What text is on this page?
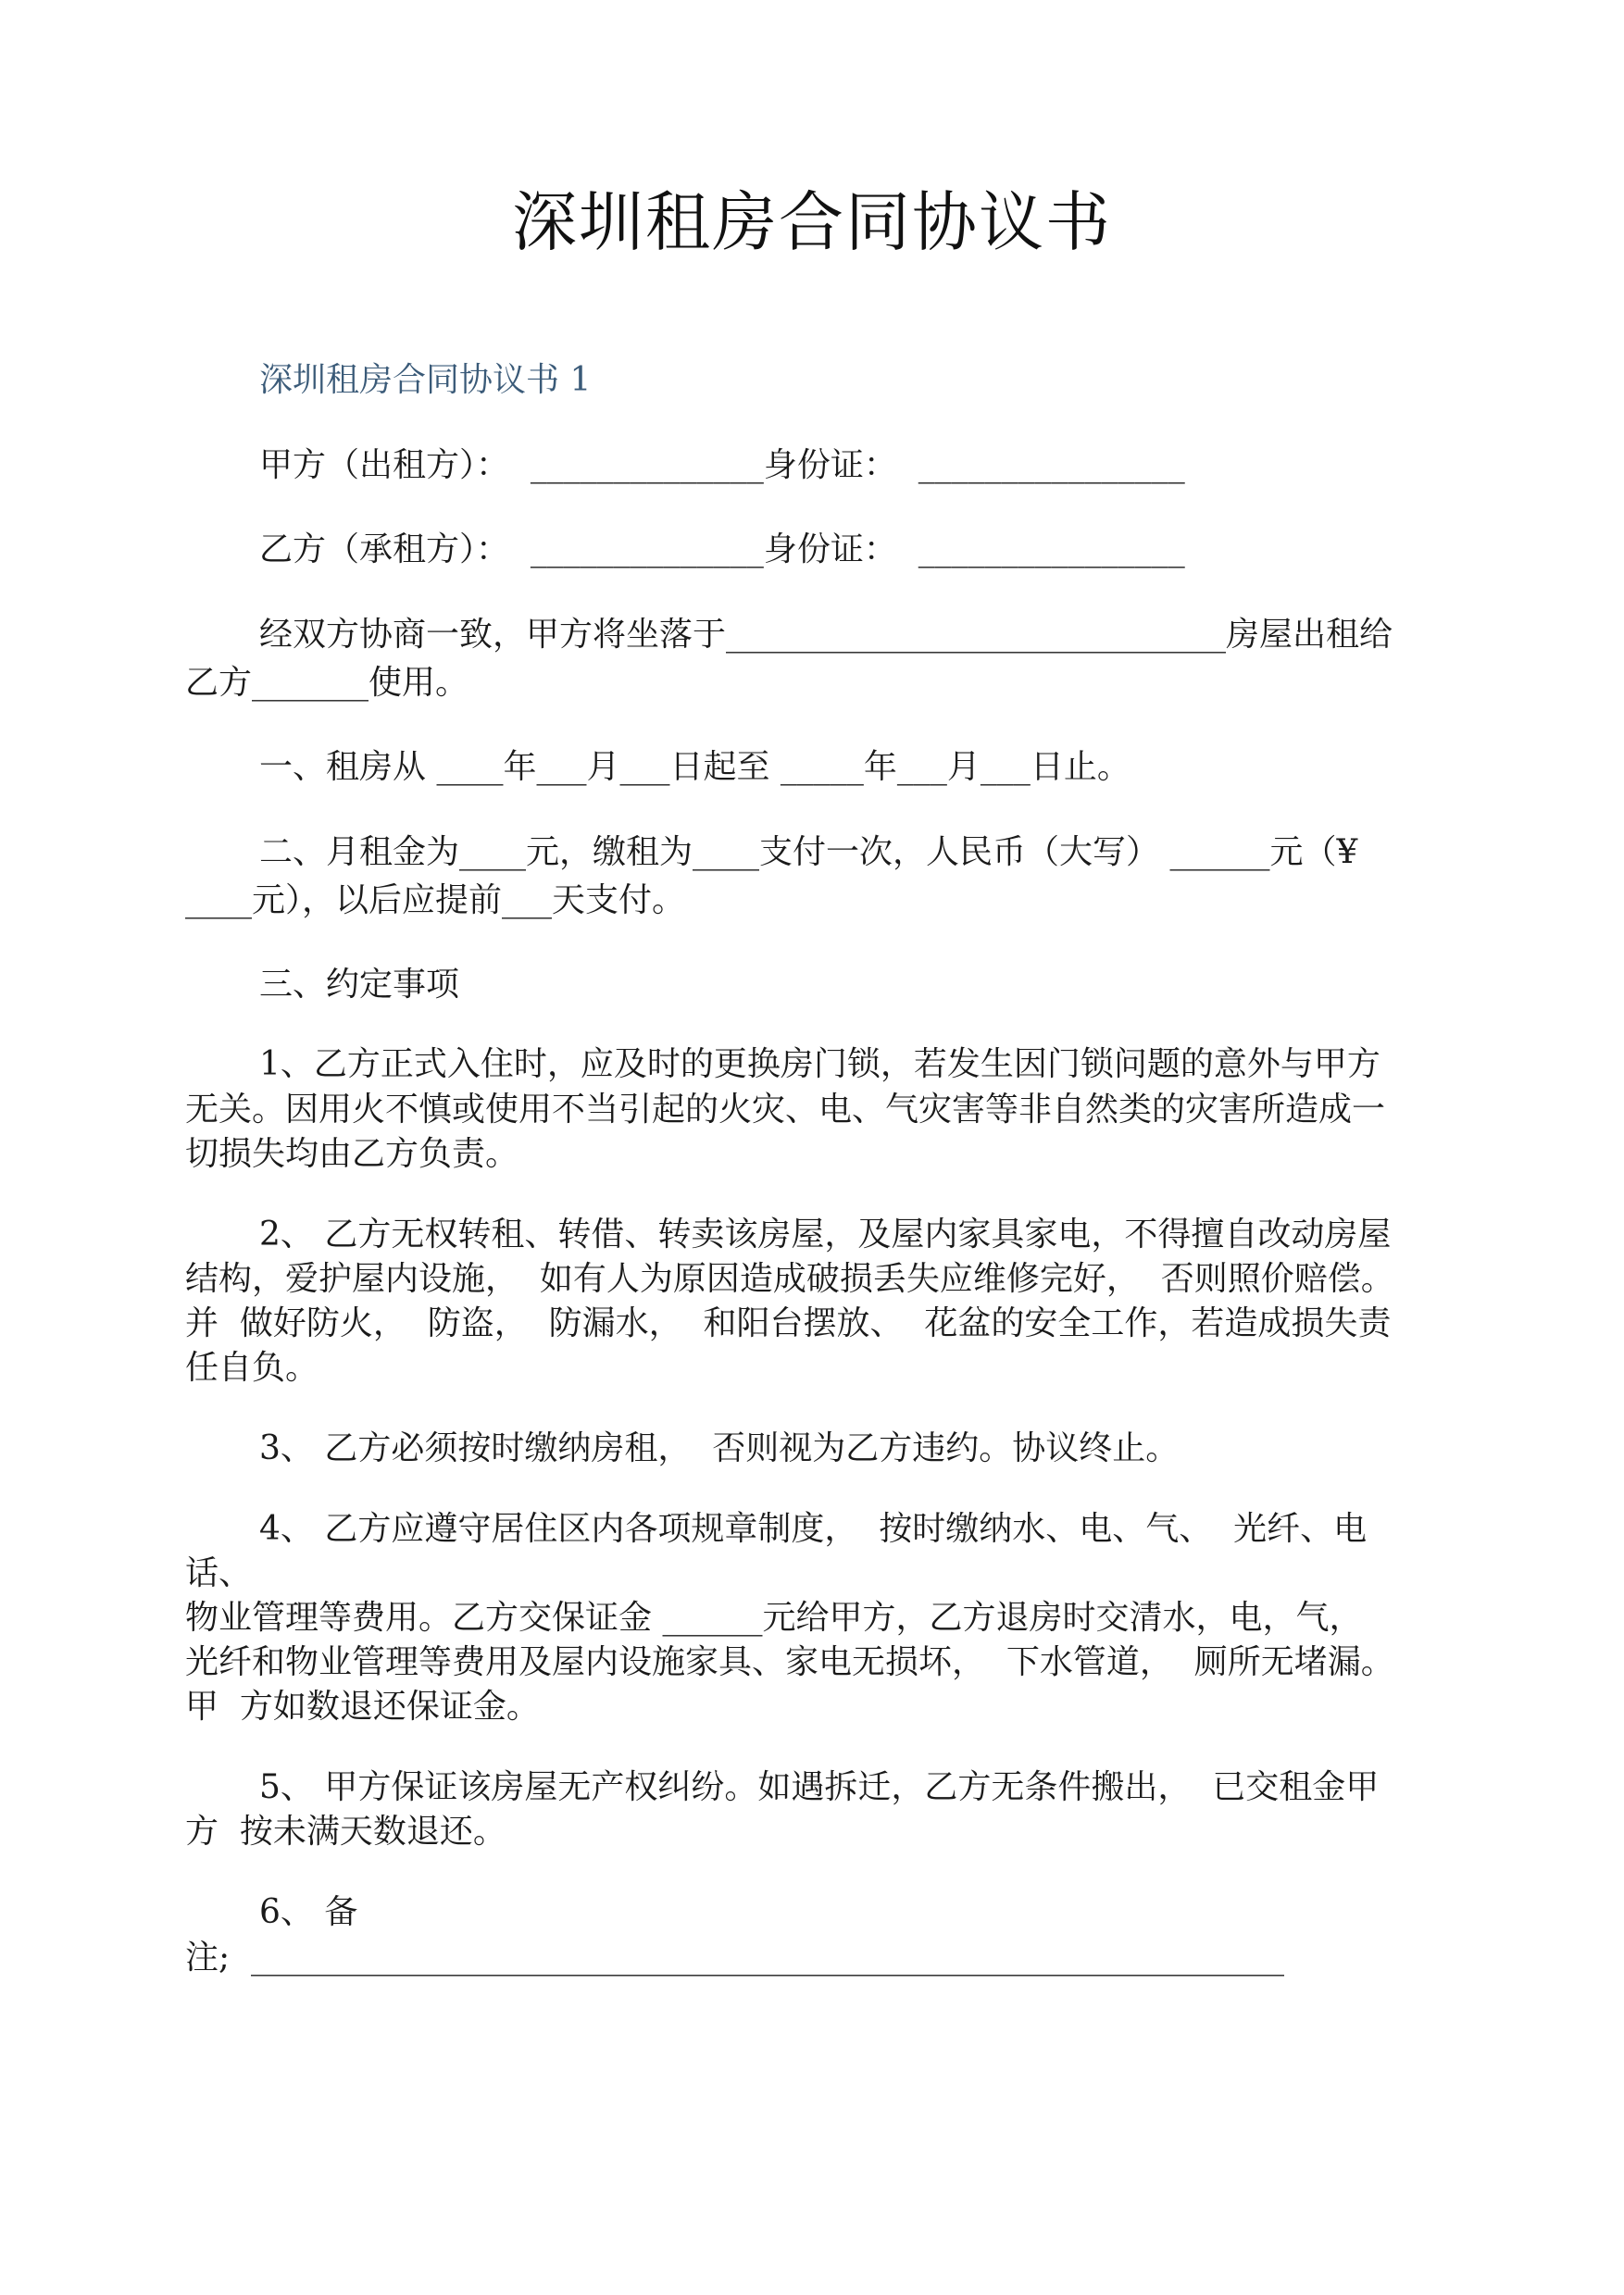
深圳租房合同协议书
深圳租房合同协议书 1
甲方（出租方）：  ______________身份证：  ________________
乙方（承租方）：  ______________身份证：  ________________
经双方协商一致，甲方将坐落于______________________________房屋出租给
乙方_______使用。
一、租房从 ____年___月___日起至 _____年___月___日止。
二、月租金为____元，缴租为____支付一次，人民币（大写） ______元（¥
____元），以后应提前___天支付。
三、约定事项
1、乙方正式入住时，应及时的更换房门锁，若发生因门锁问题的意外与甲方
无关。因用火不慎或使用不当引起的火灾、电、气灾害等非自然类的灾害所造成一
切损失均由乙方负责。
2、 乙方无权转租、转借、转卖该房屋，及屋内家具家电，不得擅自改动房屋
结构，爱护屋内设施，  如有人为原因造成破损丢失应维修完好，  否则照价赔偿。
并  做好防火，  防盗，  防漏水，  和阳台摆放、  花盆的安全工作，若造成损失责
任自负。
3、 乙方必须按时缴纳房租，  否则视为乙方违约。协议终止。
4、 乙方应遵守居住区内各项规章制度，  按时缴纳水、电、气、  光纤、电
话、
物业管理等费用。乙方交保证金 ______元给甲方，乙方退房时交清水，电，气，
光纤和物业管理等费用及屋内设施家具、家电无损坏，  下水管道，  厕所无堵漏。
甲  方如数退还保证金。
5、 甲方保证该房屋无产权纠纷。如遇拆迁，乙方无条件搬出，  已交租金甲
方  按未满天数退还。
6、 备
注;  ______________________________________________________________
